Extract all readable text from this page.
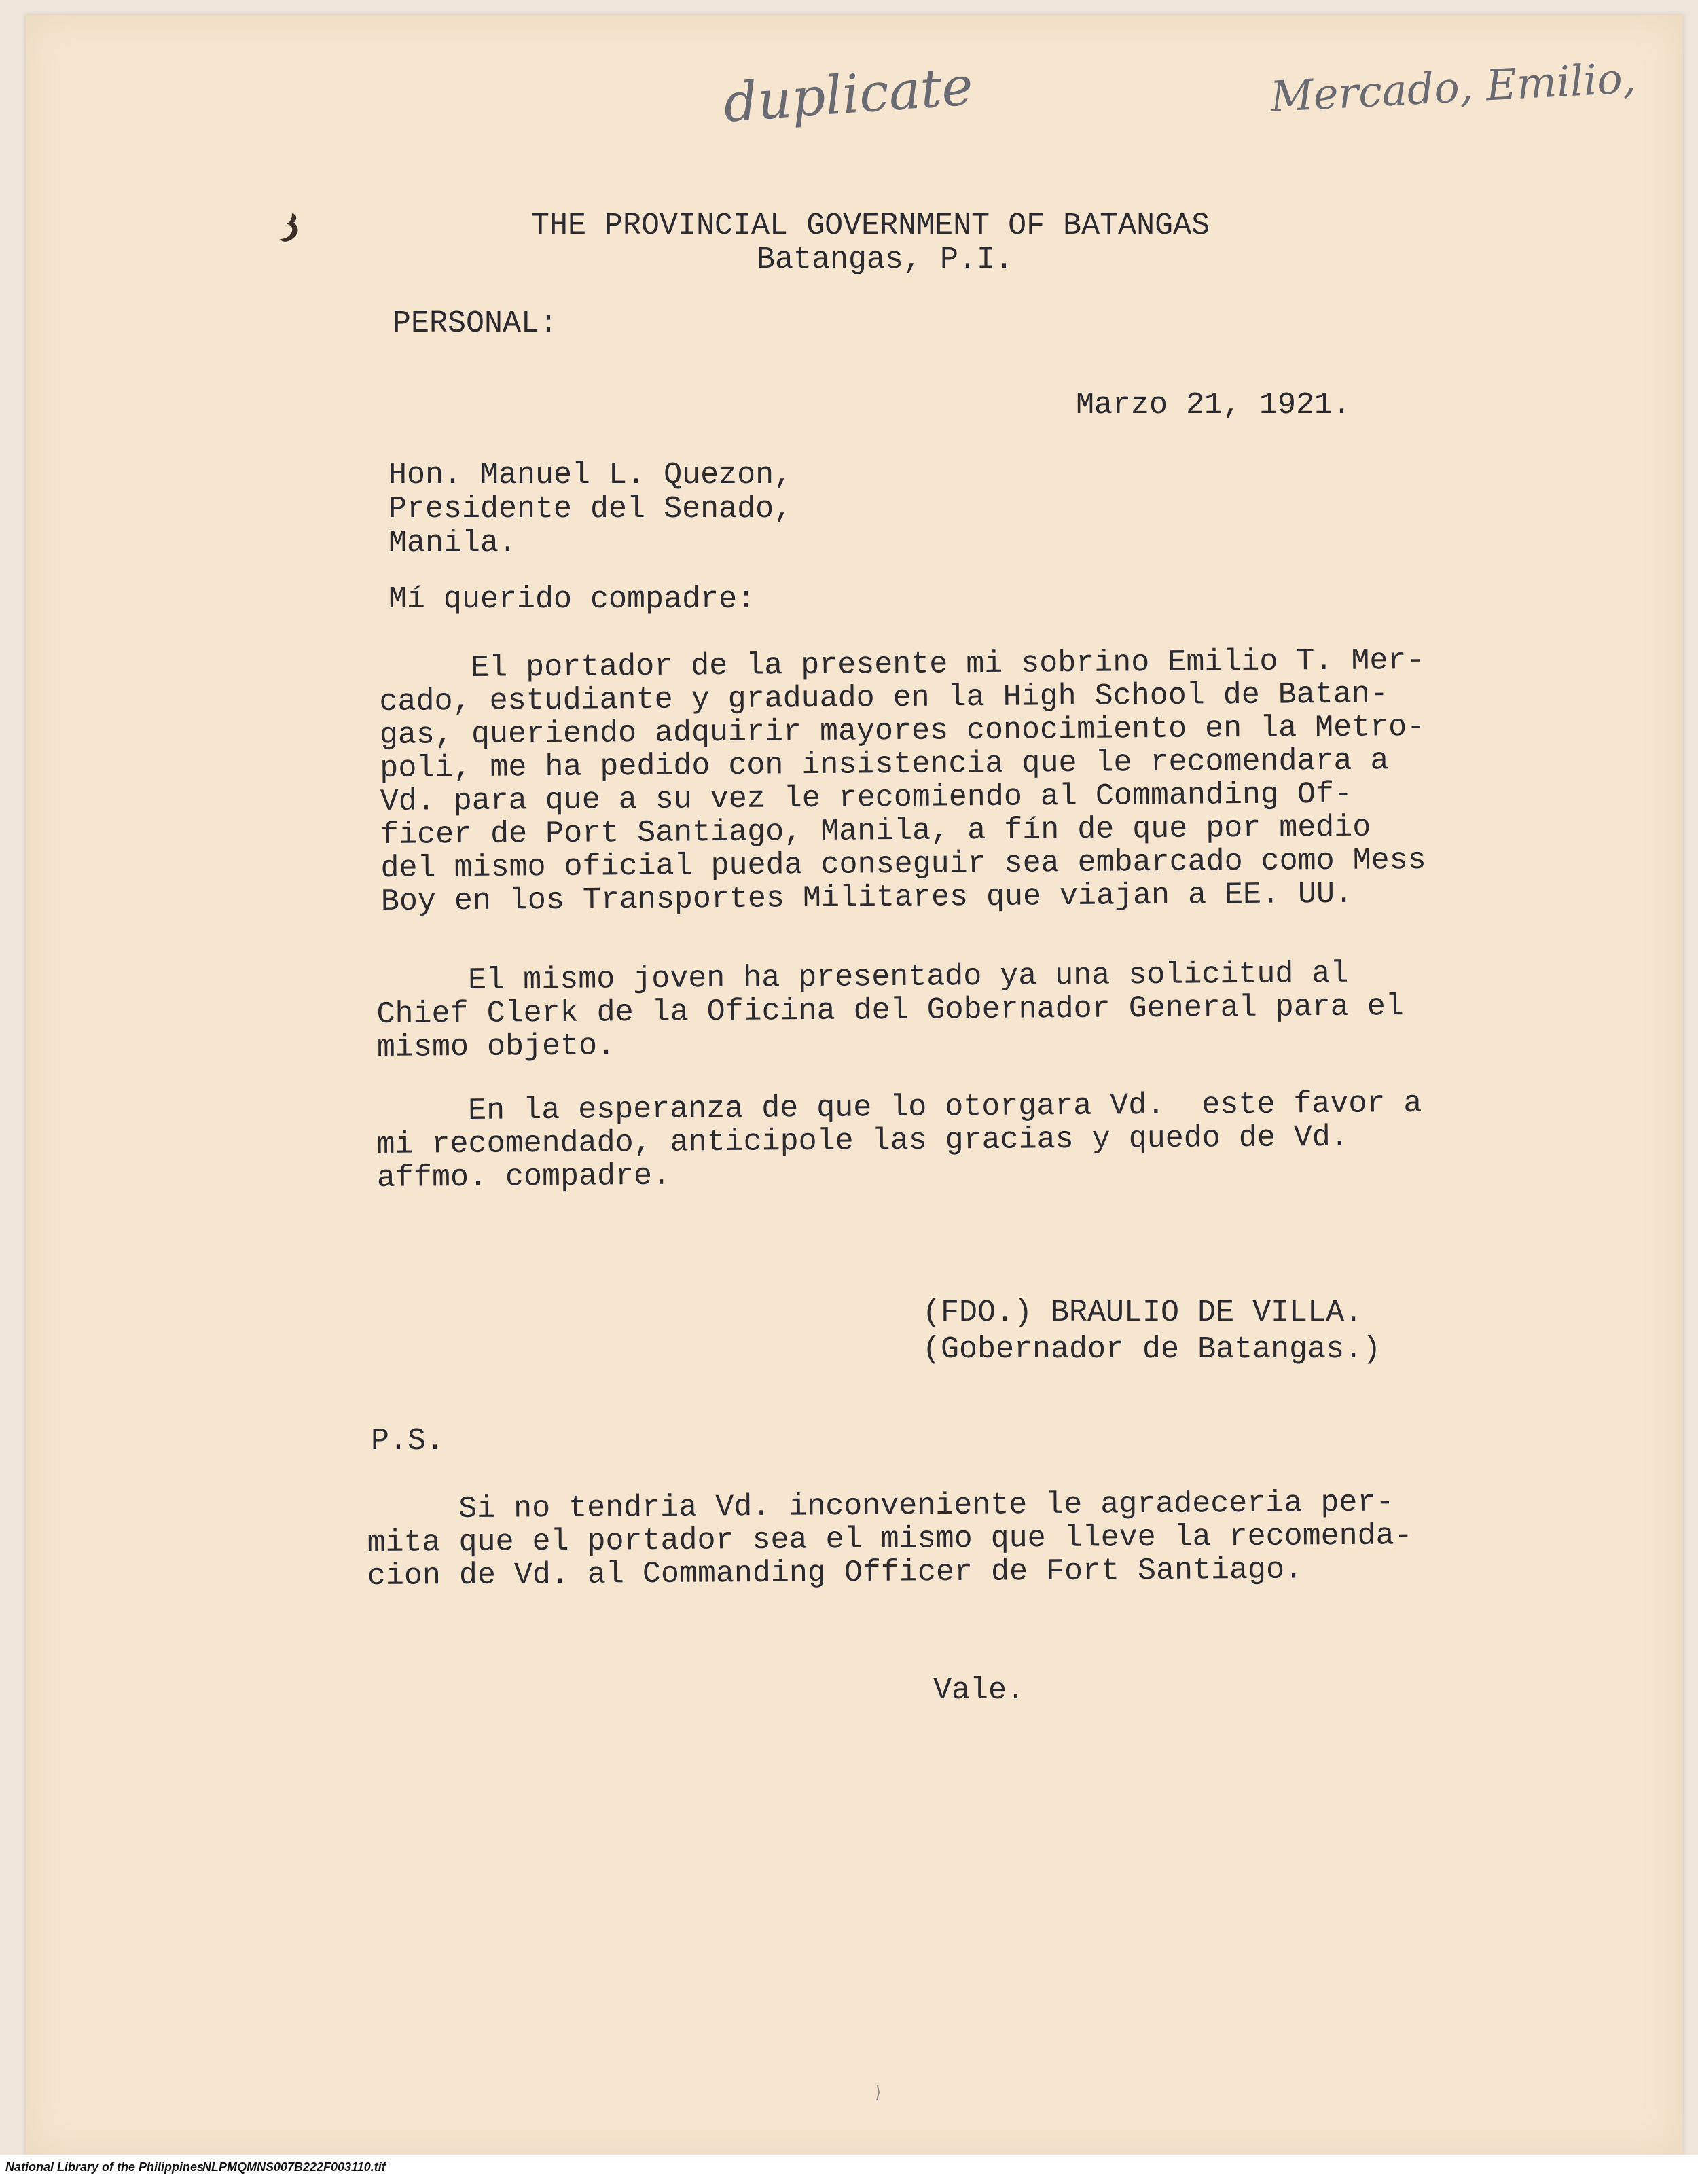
duplicate	Mercado, Emilio,
THE PROVINCIAL GOVERNMENT OF BATANGAS
Batangas, P.I.
PERSONAL:
Marzo 21, 1921.
Hon. Manuel L. Quezon,
Presidente del Senado,
Manila.
Mí querido compadre:
El portador de la presente mi sobrino Emilio T. Mer-
cado, estudiante y graduado en la High School de Batan-
gas, queriendo adquirir mayores conocimiento en la Metro-
poli, me ha pedido con insistencia que le recomendara a
Vd. para que a su vez le recomiendo al Commanding Of-
ficer de Port Santiago, Manila, a fín de que por medio
del mismo oficial pueda conseguir sea embarcado como Mess
Boy en los Transportes Militares que viajan a EE. UU.
El mismo joven ha presentado ya una solicitud al
Chief Clerk de la Oficina del Gobernador General para el
mismo objeto.
En la esperanza de que lo otorgara Vd.  este favor a
mi recomendado, anticipole las gracias y quedo de Vd.
affmo. compadre.
(FDO.) BRAULIO DE VILLA.
(Gobernador de Batangas.)
P.S.
Si no tendria Vd. inconveniente le agradeceria per-
mita que el portador sea el mismo que lleve la recomenda-
cion de Vd. al Commanding Officer de Fort Santiago.
Vale.
National Library of the Philippines
NLPMQMNS007B222F003110.tif
